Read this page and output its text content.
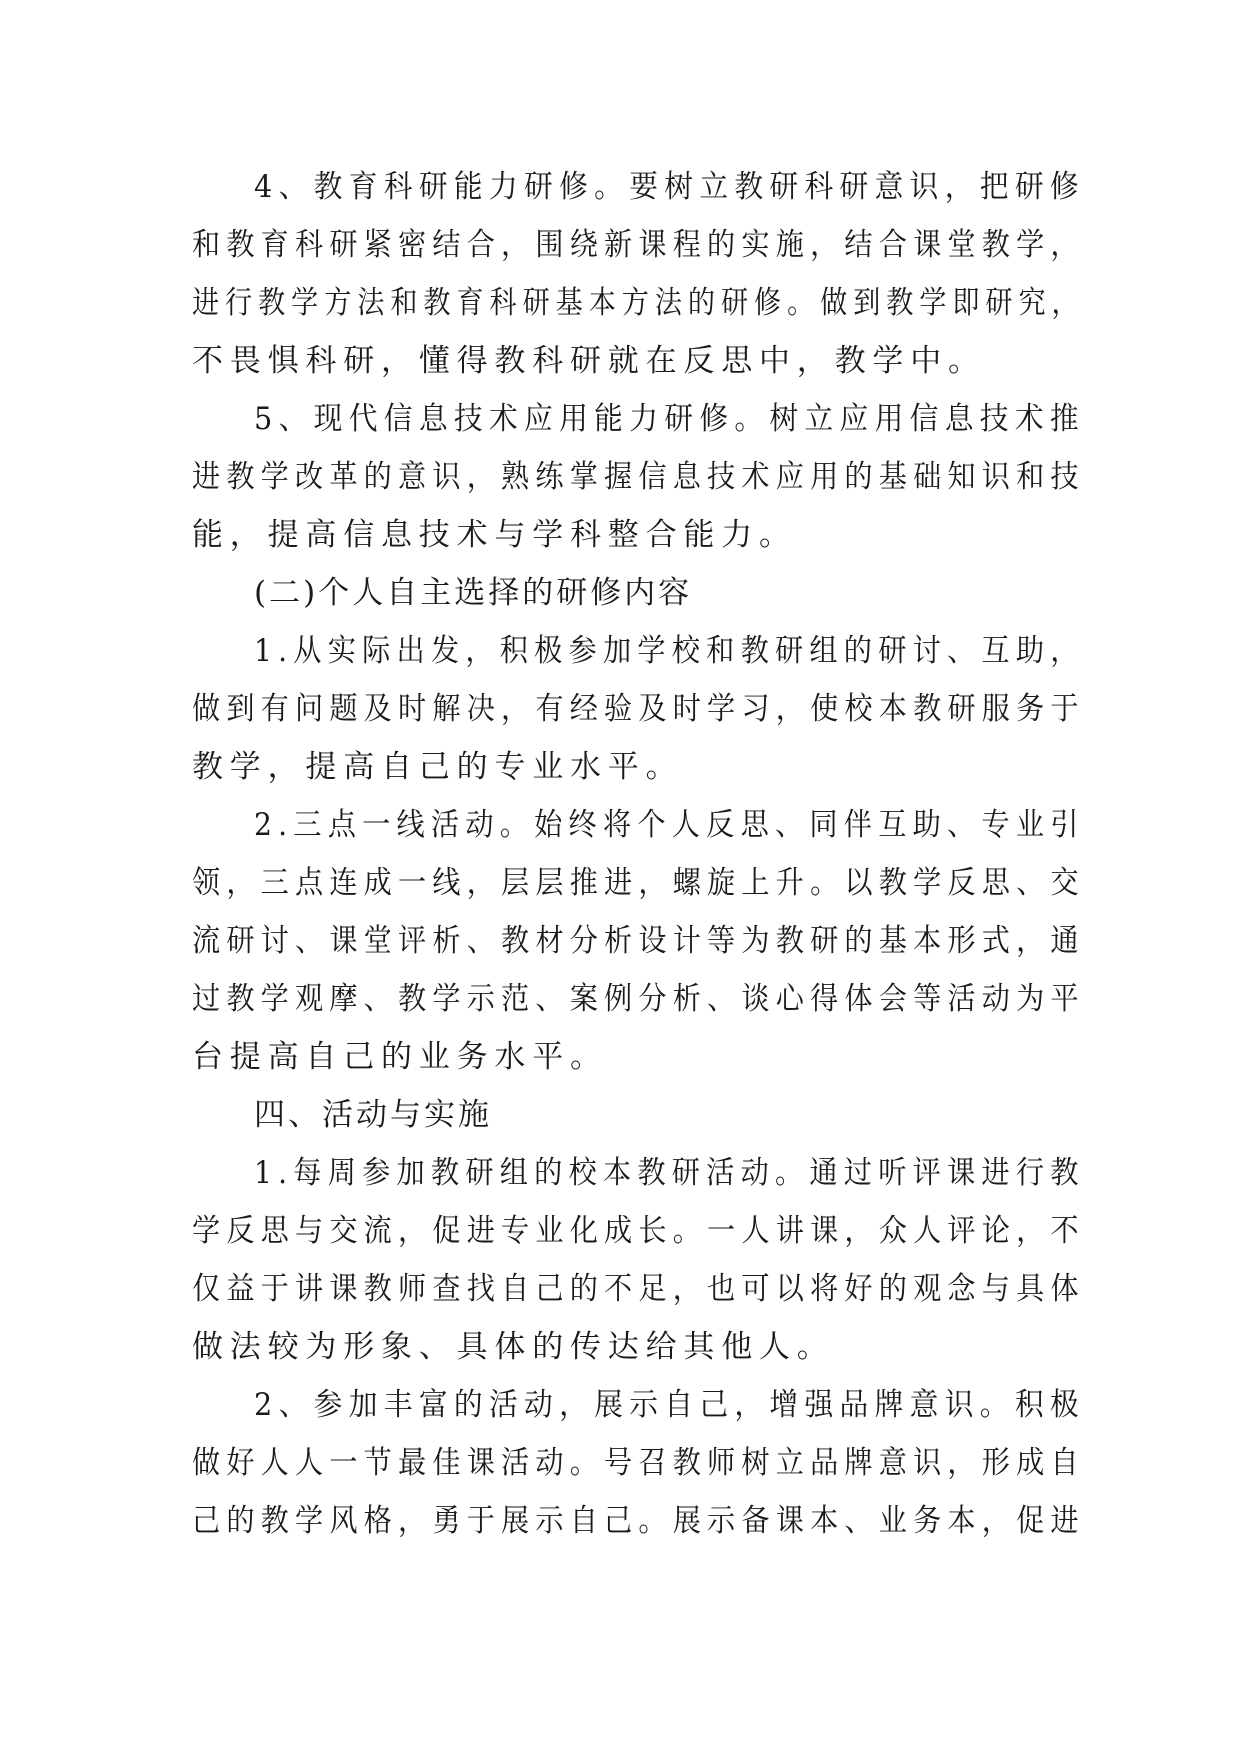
4、教育科研能力研修。要树立教研科研意识，把研修
和教育科研紧密结合，围绕新课程的实施，结合课堂教学，
进行教学方法和教育科研基本方法的研修。做到教学即研究，
不畏惧科研，懂得教科研就在反思中，教学中。
5、现代信息技术应用能力研修。树立应用信息技术推
进教学改革的意识，熟练掌握信息技术应用的基础知识和技
能，提高信息技术与学科整合能力。
(二)个人自主选择的研修内容
1.从实际出发，积极参加学校和教研组的研讨、互助，
做到有问题及时解决，有经验及时学习，使校本教研服务于
教学，提高自己的专业水平。
2.三点一线活动。始终将个人反思、同伴互助、专业引
领，三点连成一线，层层推进，螺旋上升。以教学反思、交
流研讨、课堂评析、教材分析设计等为教研的基本形式，通
过教学观摩、教学示范、案例分析、谈心得体会等活动为平
台提高自己的业务水平。
四、活动与实施
1.每周参加教研组的校本教研活动。通过听评课进行教
学反思与交流，促进专业化成长。一人讲课，众人评论，不
仅益于讲课教师查找自己的不足，也可以将好的观念与具体
做法较为形象、具体的传达给其他人。
2、参加丰富的活动，展示自己，增强品牌意识。积极
做好人人一节最佳课活动。号召教师树立品牌意识，形成自
己的教学风格，勇于展示自己。展示备课本、业务本，促进
